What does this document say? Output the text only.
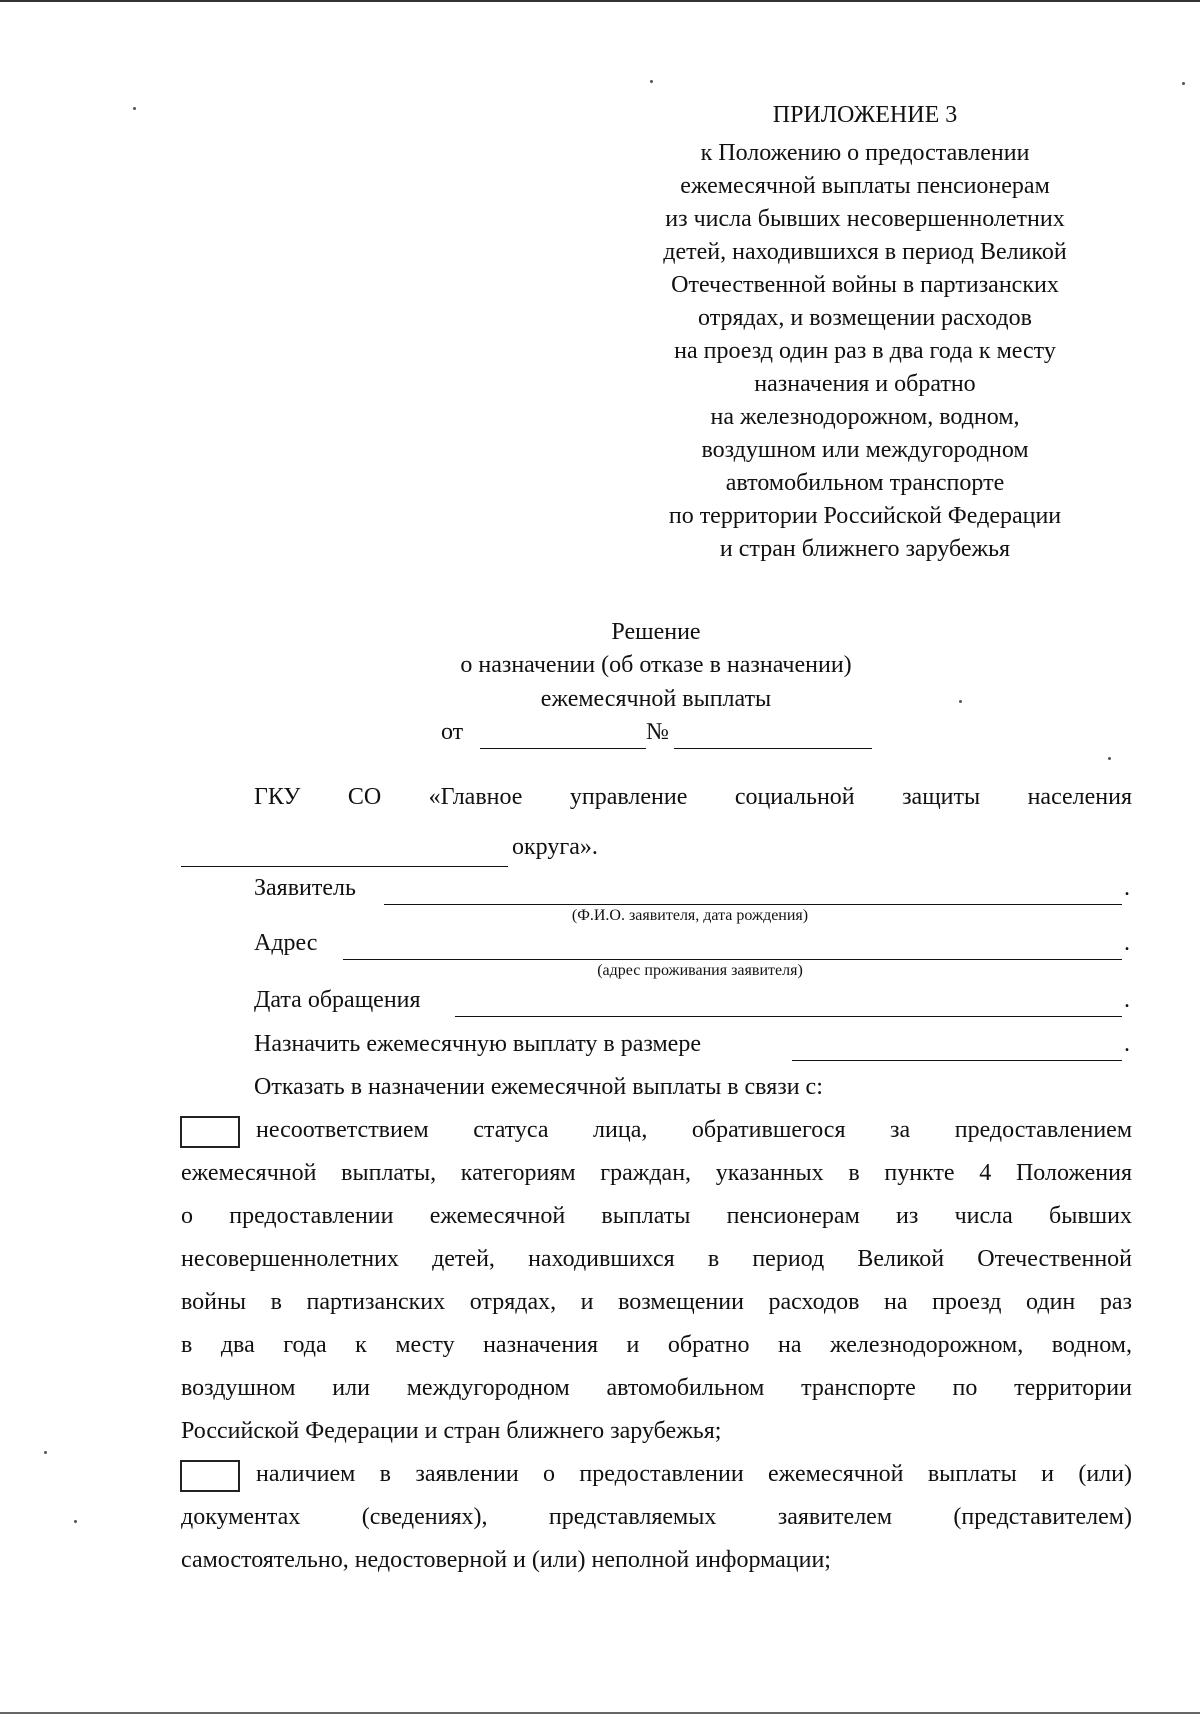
ПРИЛОЖЕНИЕ 3
к Положению о предоставлении
ежемесячной выплаты пенсионерам
из числа бывших несовершеннолетних
детей, находившихся в период Великой
Отечественной войны в партизанских
отрядах, и возмещении расходов
на проезд один раз в два года к месту
назначения и обратно
на железнодорожном, водном,
воздушном или междугородном
автомобильном транспорте
по территории Российской Федерации
и стран ближнего зарубежья
Решение
о назначении (об отказе в назначении)
ежемесячной выплаты
от	№
ГКУ СО «Главное управление социальной защиты населения
округа».
Заявитель	.
(Ф.И.О. заявителя, дата рождения)
Адрес	.
(адрес проживания заявителя)
Дата обращения	.
Назначить ежемесячную выплату в размере	.
Отказать в назначении ежемесячной выплаты в связи с:
несоответствием статуса лица, обратившегося за предоставлением
ежемесячной выплаты, категориям граждан, указанных в пункте 4 Положения
о предоставлении ежемесячной выплаты пенсионерам из числа бывших
несовершеннолетних детей, находившихся в период Великой Отечественной
войны в партизанских отрядах, и возмещении расходов на проезд один раз
в два года к месту назначения и обратно на железнодорожном, водном,
воздушном или междугородном автомобильном транспорте по территории
Российской Федерации и стран ближнего зарубежья;
наличием в заявлении о предоставлении ежемесячной выплаты и (или)
документах (сведениях), представляемых заявителем (представителем)
самостоятельно, недостоверной и (или) неполной информации;
